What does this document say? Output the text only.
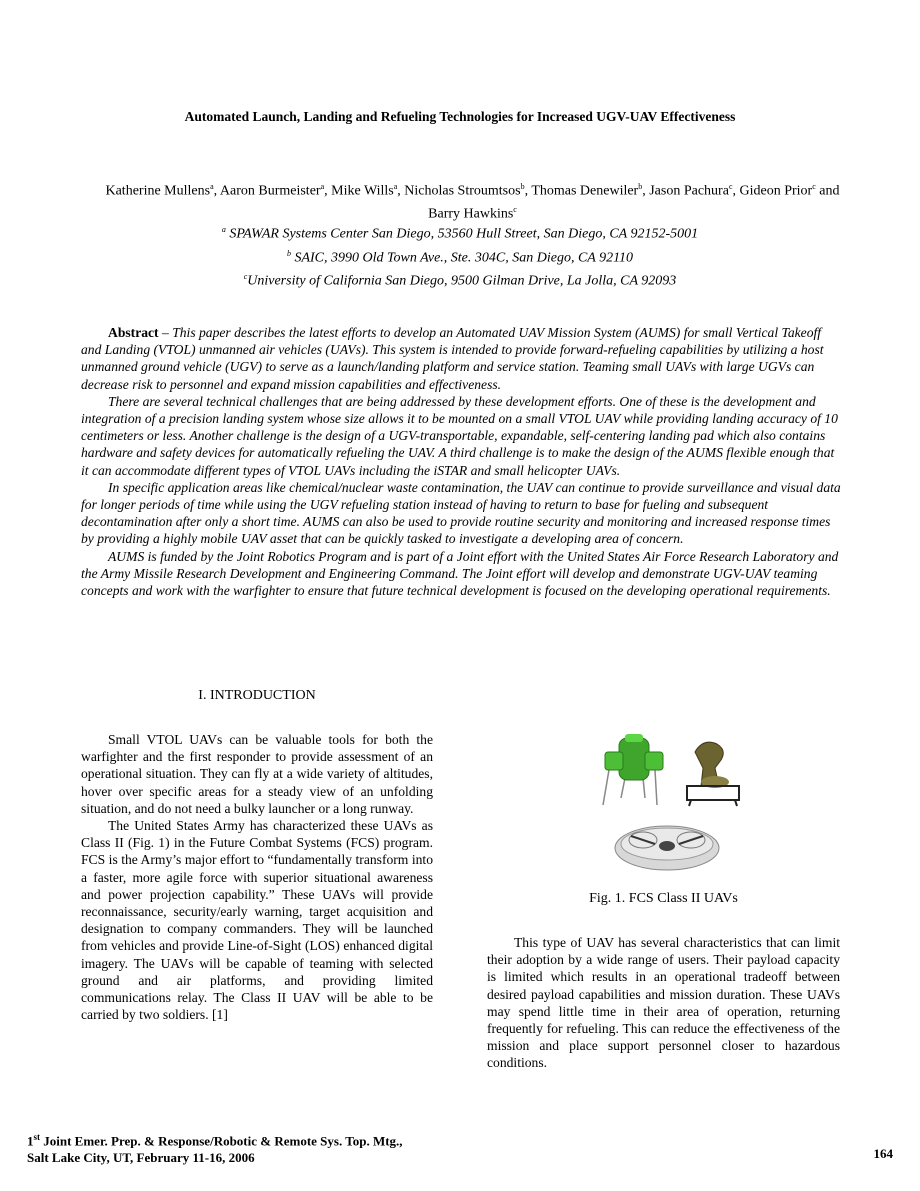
Automated Launch, Landing and Refueling Technologies for Increased UGV-UAV Effectiveness
Katherine Mullens$^a$, Aaron Burmeister$^a$, Mike Wills$^a$, Nicholas Stroumtsos$^b$, Thomas Denewiler$^b$, Jason Pachura$^c$, Gideon Prior$^c$ and Barry Hawkins$^c$
$^a$ SPAWAR Systems Center San Diego, 53560 Hull Street, San Diego, CA 92152-5001
$^b$ SAIC, 3990 Old Town Ave., Ste. 304C, San Diego, CA 92110
$^c$University of California San Diego, 9500 Gilman Drive, La Jolla, CA 92093

Abstract – This paper describes the latest efforts to develop an Automated UAV Mission System (AUMS) for small Vertical Takeoff and Landing (VTOL) unmanned air vehicles (UAVs). This system is intended to provide forward-refueling capabilities by utilizing a host unmanned ground vehicle (UGV) to serve as a launch/landing platform and service station. Teaming small UAVs with large UGVs can decrease risk to personnel and expand mission capabilities and effectiveness.

There are several technical challenges that are being addressed by these development efforts. One of these is the development and integration of a precision landing system whose size allows it to be mounted on a small VTOL UAV while providing landing accuracy of 10 centimeters or less. Another challenge is the design of a UGV-transportable, expandable, self-centering landing pad which also contains hardware and safety devices for automatically refueling the UAV. A third challenge is to make the design of the AUMS flexible enough that it can accommodate different types of VTOL UAVs including the iSTAR and small helicopter UAVs.

In specific application areas like chemical/nuclear waste contamination, the UAV can continue to provide surveillance and visual data for longer periods of time while using the UGV refueling station instead of having to return to base for fueling and subsequent decontamination after only a short time. AUMS can also be used to provide routine security and monitoring and increased response times by providing a highly mobile UAV asset that can be quickly tasked to investigate a developing area of concern.

AUMS is funded by the Joint Robotics Program and is part of a Joint effort with the United States Air Force Research Laboratory and the Army Missile Research Development and Engineering Command. The Joint effort will develop and demonstrate UGV-UAV teaming concepts and work with the warfighter to ensure that future technical development is focused on the developing operational requirements.

I. INTRODUCTION

Small VTOL UAVs can be valuable tools for both the warfighter and the first responder to provide assessment of an operational situation. They can fly at a wide variety of altitudes, hover over specific areas for a steady view of an unfolding situation, and do not need a bulky launcher or a long runway.

The United States Army has characterized these UAVs as Class II (Fig. 1) in the Future Combat Systems (FCS) program. FCS is the Army’s major effort to “fundamentally transform into a faster, more agile force with superior situational awareness and power projection capability.” These UAVs will provide reconnaissance, security/early warning, target acquisition and designation to company commanders. They will be launched from vehicles and provide Line-of-Sight (LOS) enhanced digital imagery. The UAVs will be capable of teaming with selected ground and air platforms, and providing limited communications relay. The Class II UAV will be able to be carried by two soldiers. [1]

Fig. 1. FCS Class II UAVs

This type of UAV has several characteristics that can limit their adoption by a wide range of users. Their payload capacity is limited which results in an operational tradeoff between desired payload capabilities and mission duration. These UAVs may spend little time in their area of operation, returning frequently for refueling. This can reduce the effectiveness of the mission and place support personnel closer to hazardous conditions.

1st Joint Emer. Prep. & Response/Robotic & Remote Sys. Top. Mtg.,
Salt Lake City, UT, February 11-16, 2006	164
